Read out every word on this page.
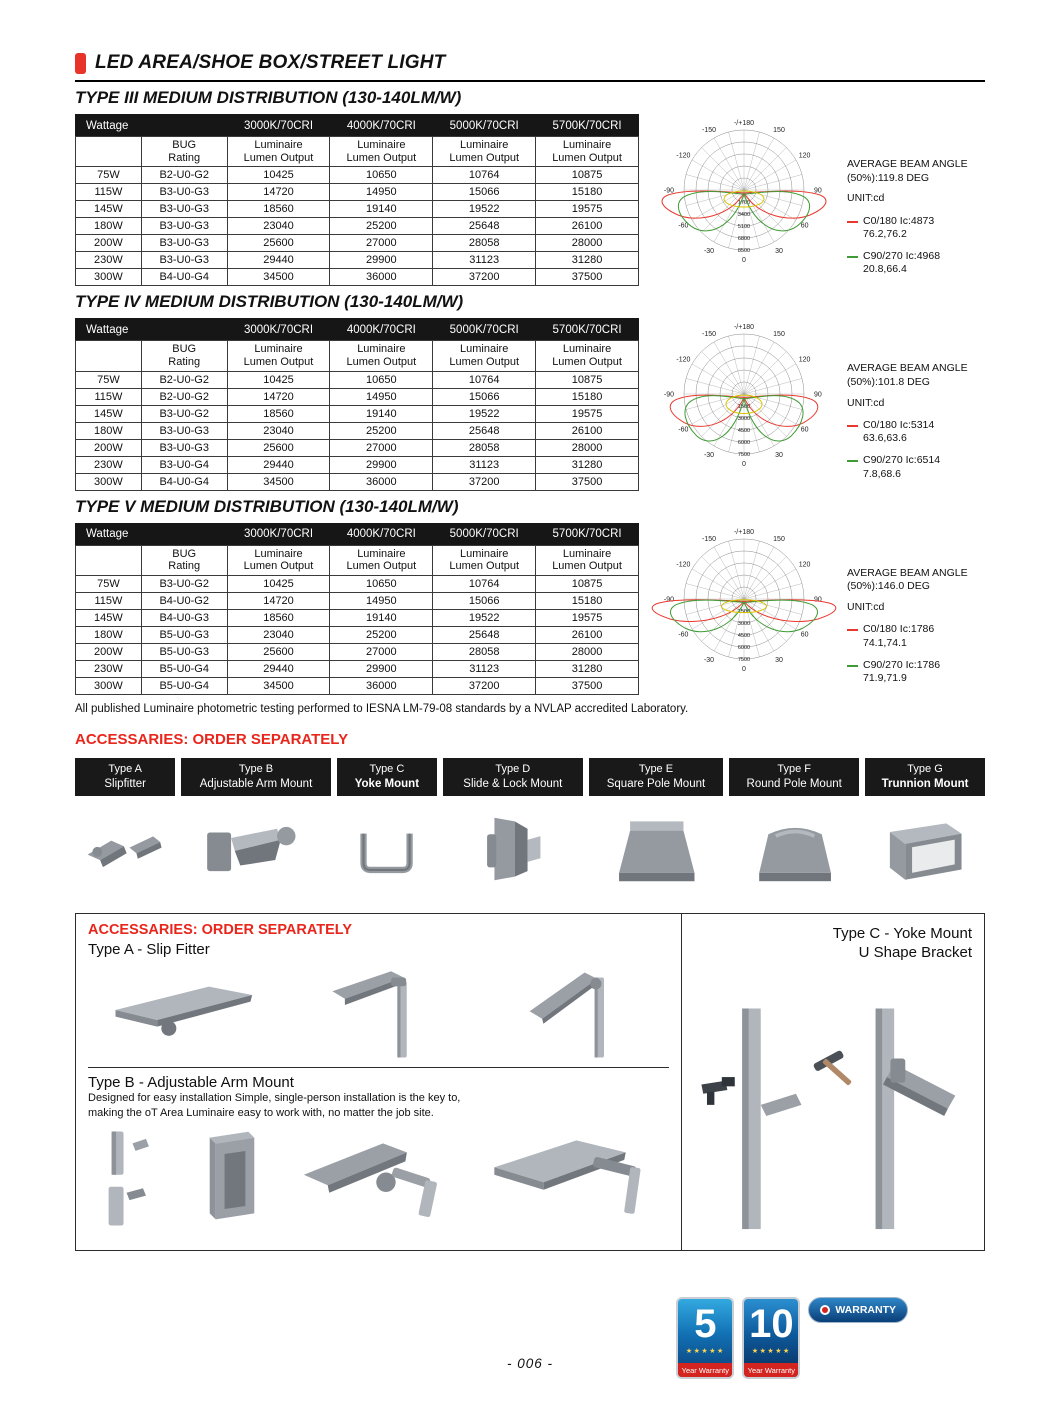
LED AREA/SHOE BOX/STREET LIGHT
TYPE III MEDIUM DISTRIBUTION (130-140LM/W)
Wattage		3000K/70CRI	4000K/70CRI	5000K/70CRI	5700K/70CRI
	BUG Rating	Luminaire Lumen Output	Luminaire Lumen Output	Luminaire Lumen Output	Luminaire Lumen Output
75W	B2-U0-G2	10425	10650	10764	10875
115W	B3-U0-G3	14720	14950	15066	15180
145W	B3-U0-G3	18560	19140	19522	19575
180W	B3-U0-G3	23040	25200	25648	26100
200W	B3-U0-G3	25600	27000	28058	28000
230W	B3-U0-G3	29440	29900	31123	31280
300W	B4-U0-G4	34500	36000	37200	37500
-/+180
0
150
120
90
60
30
-150
-120
-90
-60
-30
1700
3400
5100
6800
8500
AVERAGE BEAM ANGLE
(50%):119.8 DEG
UNIT:cd
C0/180 Ic:4873
76.2,76.2
C90/270 Ic:4968
20.8,66.4
TYPE IV MEDIUM DISTRIBUTION (130-140LM/W)
Wattage		3000K/70CRI	4000K/70CRI	5000K/70CRI	5700K/70CRI
	BUG Rating	Luminaire Lumen Output	Luminaire Lumen Output	Luminaire Lumen Output	Luminaire Lumen Output
75W	B2-U0-G2	10425	10650	10764	10875
115W	B2-U0-G2	14720	14950	15066	15180
145W	B3-U0-G2	18560	19140	19522	19575
180W	B3-U0-G3	23040	25200	25648	26100
200W	B3-U0-G3	25600	27000	28058	28000
230W	B3-U0-G4	29440	29900	31123	31280
300W	B4-U0-G4	34500	36000	37200	37500
-/+180
0
150
120
90
60
30
-150
-120
-90
-60
-30
1500
3000
4500
6000
7500
AVERAGE BEAM ANGLE
(50%):101.8 DEG
UNIT:cd
C0/180 Ic:5314
63.6,63.6
C90/270 Ic:6514
7.8,68.6
TYPE V MEDIUM DISTRIBUTION (130-140LM/W)
Wattage		3000K/70CRI	4000K/70CRI	5000K/70CRI	5700K/70CRI
	BUG Rating	Luminaire Lumen Output	Luminaire Lumen Output	Luminaire Lumen Output	Luminaire Lumen Output
75W	B3-U0-G2	10425	10650	10764	10875
115W	B4-U0-G2	14720	14950	15066	15180
145W	B4-U0-G3	18560	19140	19522	19575
180W	B5-U0-G3	23040	25200	25648	26100
200W	B5-U0-G3	25600	27000	28058	28000
230W	B5-U0-G4	29440	29900	31123	31280
300W	B5-U0-G4	34500	36000	37200	37500
-/+180
0
150
120
90
60
30
-150
-120
-90
-60
-30
1500
3000
4500
6000
7500
AVERAGE BEAM ANGLE
(50%):146.0 DEG
UNIT:cd
C0/180 Ic:1786
74.1,74.1
C90/270 Ic:1786
71.9,71.9

All published Luminaire photometric testing performed to IESNA LM-79-08 standards by a NVLAP accredited Laboratory.

ACCESSARIES: ORDER SEPARATELY
Type A
Slipfitter
Type B
Adjustable Arm Mount
Type C
Yoke Mount
Type D
Slide & Lock Mount
Type E
Square Pole Mount
Type F
Round Pole Mount
Type G
Trunnion Mount
ACCESSARIES: ORDER SEPARATELY
Type A - Slip Fitter
Type B - Adjustable Arm Mount
Designed for easy installation Simple, single-person installation is the key to,
making the oT Area Luminaire easy to work with, no matter the job site.
Type C - Yoke Mount
U Shape Bracket
- 006 -
5
★★★★★
Year Warranty
10
★★★★★
Year Warranty
WARRANTY
